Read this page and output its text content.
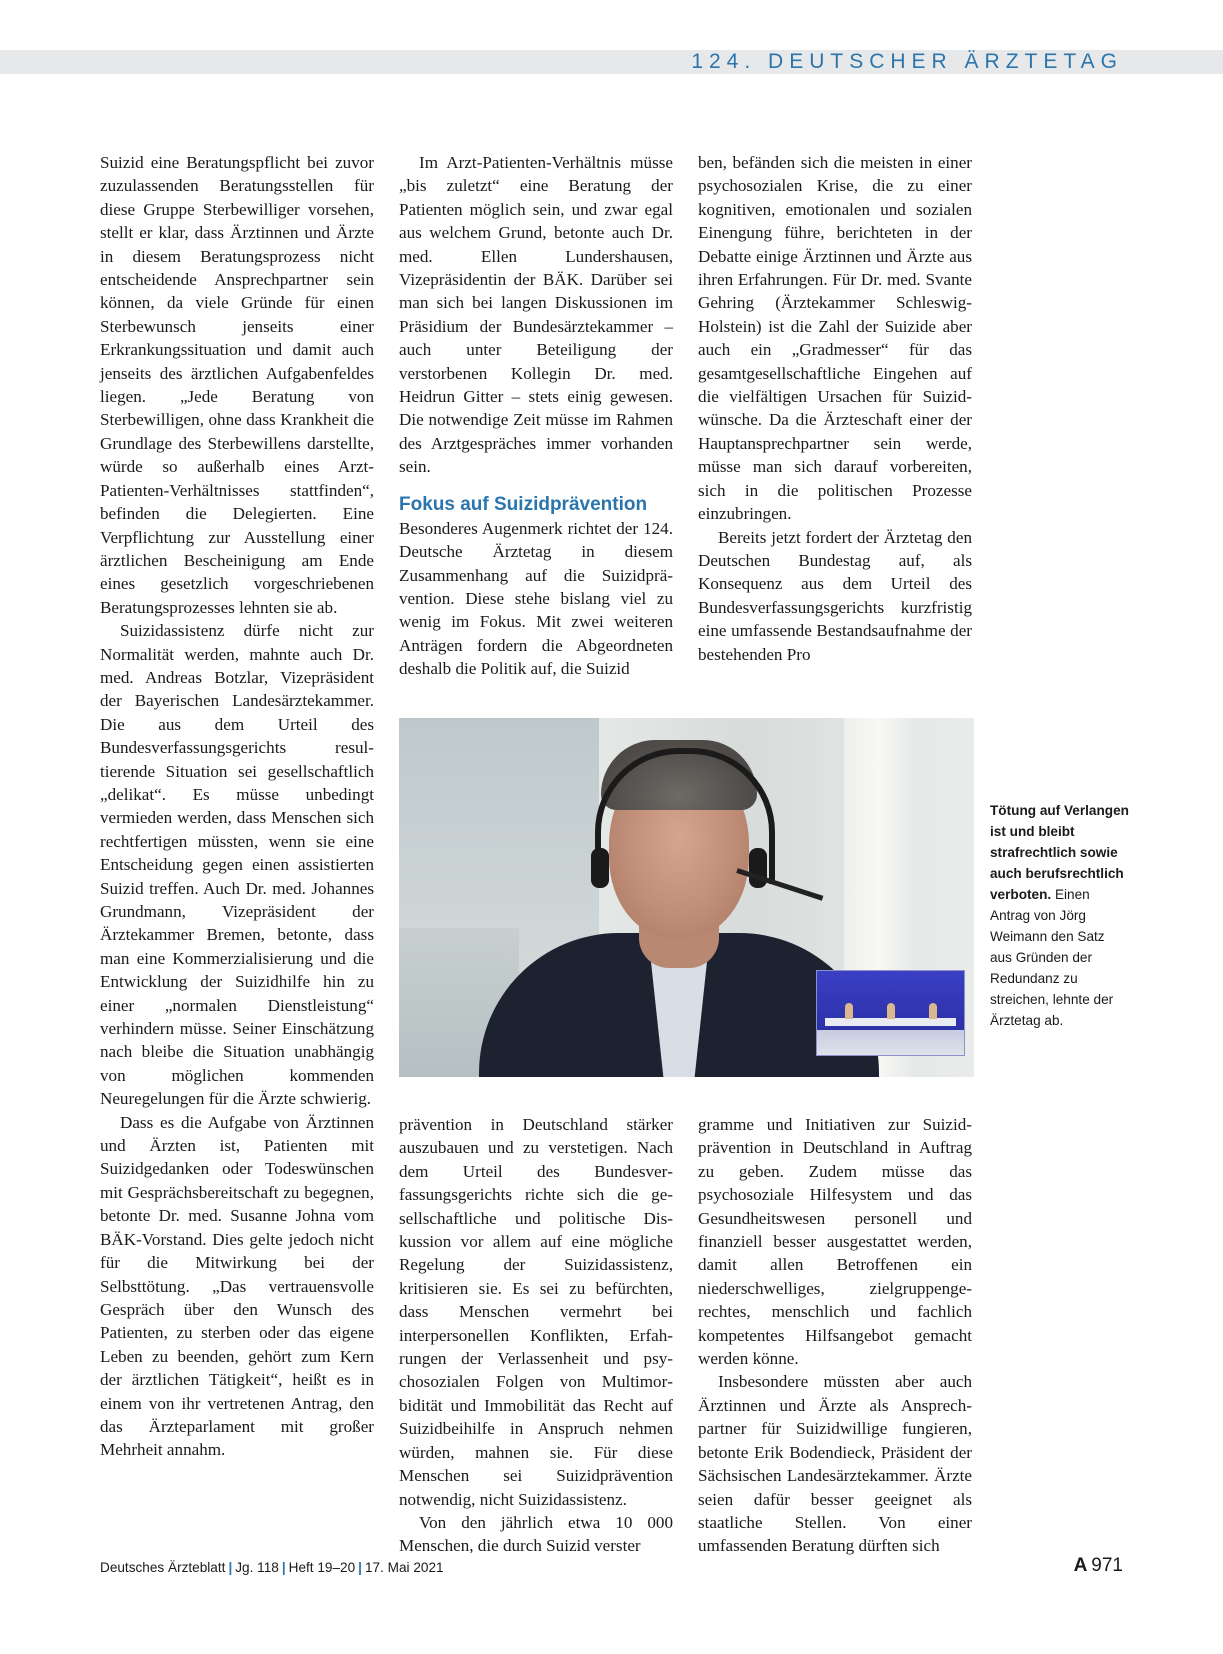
124. DEUTSCHER ÄRZTETAG

Suizid eine Beratungspflicht bei zuvor zuzulassenden Beratungsstellen für diese Gruppe Sterbewilliger vorsehen, stellt er klar, dass Ärztinnen und Ärzte in diesem Beratungsprozess nicht entscheidende Ansprechpartner sein können, da viele Gründe für einen Sterbewunsch jenseits einer Erkrankungssituation und damit auch jenseits des ärztlichen Aufgabenfeldes liegen. „Jede Beratung von Sterbewilligen, ohne dass Krankheit die Grundlage des Sterbewillens darstellte, würde so außerhalb eines Arzt-Patienten-Verhältnisses stattfinden“, befinden die Delegierten. Eine Verpflichtung zur Ausstellung einer ärztlichen Bescheinigung am Ende eines gesetzlich vorgeschriebenen Beratungsprozesses lehnten sie ab.

Suizidassistenz dürfe nicht zur Normalität werden, mahnte auch Dr. med. Andreas Botzlar, Vizepräsident der Bayerischen Landesärztekammer. Die aus dem Urteil des Bundesverfassungsgerichts resultierende Situation sei gesellschaftlich „delikat“. Es müsse unbedingt vermieden werden, dass Menschen sich rechtfertigen müssten, wenn sie eine Entscheidung gegen einen assistierten Suizid treffen. Auch Dr. med. Johannes Grundmann, Vizepräsident der Ärztekammer Bremen, betonte, dass man eine Kommerzialisierung und die Entwicklung der Suizidhilfe hin zu einer „normalen Dienstleistung“ verhindern müsse. Seiner Einschätzung nach bleibe die Situation unabhängig von möglichen kommenden Neuregelungen für die Ärzte schwierig.

Dass es die Aufgabe von Ärztinnen und Ärzten ist, Patienten mit Suizidgedanken oder Todeswünschen mit Gesprächsbereitschaft zu begegnen, betonte Dr. med. Susanne Johna vom BÄK-Vorstand. Dies gelte jedoch nicht für die Mitwirkung bei der Selbsttötung. „Das vertrauensvolle Gespräch über den Wunsch des Patienten, zu sterben oder das eigene Leben zu beenden, gehört zum Kern der ärztlichen Tätigkeit“, heißt es in einem von ihr vertretenen Antrag, den das Ärzteparlament mit großer Mehrheit annahm.

Im Arzt-Patienten-Verhältnis müsse „bis zuletzt“ eine Beratung der Patienten möglich sein, und zwar egal aus welchem Grund, betonte auch Dr. med. Ellen Lundershausen, Vizepräsidentin der BÄK. Darüber sei man sich bei langen Diskussionen im Präsidium der Bundesärztekammer – auch unter Beteiligung der verstorbenen Kollegin Dr. med. Heidrun Gitter – stets einig gewesen. Die notwendige Zeit müsse im Rahmen des Arztgespräches immer vorhanden sein.

Fokus auf Suizidprävention

Besonderes Augenmerk richtet der 124. Deutsche Ärztetag in diesem Zusammenhang auf die Suizidprävention. Diese stehe bislang viel zu wenig im Fokus. Mit zwei weiteren Anträgen fordern die Abgeordneten deshalb die Politik auf, die Suizid

ben, befänden sich die meisten in einer psychosozialen Krise, die zu einer kognitiven, emotionalen und sozialen Einengung führe, berichteten in der Debatte einige Ärztinnen und Ärzte aus ihren Erfahrungen. Für Dr. med. Svante Gehring (Ärztekammer Schleswig-Holstein) ist die Zahl der Suizide aber auch ein „Gradmesser“ für das gesamtgesellschaftliche Eingehen auf die vielfältigen Ursachen für Suizidwünsche. Da die Ärzteschaft einer der Hauptansprechpartner sein werde, müsse man sich darauf vorbereiten, sich in die politischen Prozesse einzubringen.

Bereits jetzt fordert der Ärztetag den Deutschen Bundestag auf, als Konsequenz aus dem Urteil des Bundesverfassungsgerichts kurzfristig eine umfassende Bestandsaufnahme der bestehenden Pro

Tötung auf Verlangen ist und bleibt strafrechtlich sowie auch berufsrechtlich verboten. Einen Antrag von Jörg Weimann den Satz aus Gründen der Redundanz zu streichen, lehnte der Ärztetag ab.

prävention in Deutschland stärker auszubauen und zu verstetigen. Nach dem Urteil des Bundesverfassungsgerichts richte sich die gesellschaftliche und politische Diskussion vor allem auf eine mögliche Regelung der Suizidassistenz, kritisieren sie. Es sei zu befürchten, dass Menschen vermehrt bei interpersonellen Konflikten, Erfahrungen der Verlassenheit und psychosozialen Folgen von Multimorbidität und Immobilität das Recht auf Suizidbeihilfe in Anspruch nehmen würden, mahnen sie. Für diese Menschen sei Suizidprävention notwendig, nicht Suizidassistenz.

Von den jährlich etwa 10 000 Menschen, die durch Suizid verster

gramme und Initiativen zur Suizidprävention in Deutschland in Auftrag zu geben. Zudem müsse das psychosoziale Hilfesystem und das Gesundheitswesen personell und finanziell besser ausgestattet werden, damit allen Betroffenen ein niederschwelliges, zielgruppengerechtes, menschlich und fachlich kompetentes Hilfsangebot gemacht werden könne.

Insbesondere müssten aber auch Ärztinnen und Ärzte als Ansprechpartner für Suizidwillige fungieren, betonte Erik Bodendieck, Präsident der Sächsischen Landesärztekammer. Ärzte seien dafür besser geeignet als staatliche Stellen. Von einer umfassenden Beratung dürften sich

Deutsches Ärzteblatt | Jg. 118 | Heft 19–20 | 17. Mai 2021	A 971
